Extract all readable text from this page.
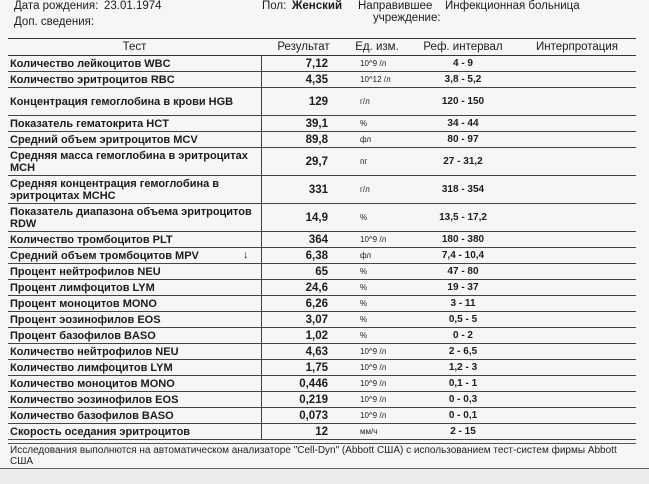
Дата рождения: 23.01.1974	Пол: Женский Направившее
учреждение:
Инфекционная больница
Доп. сведения:
Тест	Результат	Ед. изм.	Реф. интервал	Интерпротация
Количество лейкоцитов WBC	7,12	10^9 /л	4 - 9	
Количество эритроцитов RBC	4,35	10^12 /л	3,8 - 5,2	
Концентрация гемоглобина в крови HGB	129	г/л	120 - 150	
Показатель гематокрита HCT	39,1	%	34 - 44	
Средний объем эритроцитов MCV	89,8	фл	80 - 97	
Средняя масса гемоглобина в эритроцитах MCH	29,7	пг	27 - 31,2	
Средняя концентрация гемоглобина в эритроцитах MCHC	331	г/л	318 - 354	
Показатель диапазона объема эритроцитов RDW	14,9	%	13,5 - 17,2	
Количество тромбоцитов PLT	364	10^9 /л	180 - 380	
Средний объем тромбоцитов MPV ↓	6,38	фл	7,4 - 10,4	
Процент нейтрофилов NEU	65	%	47 - 80	
Процент лимфоцитов LYM	24,6	%	19 - 37	
Процент моноцитов MONO	6,26	%	3 - 11	
Процент эозинофилов EOS	3,07	%	0,5 - 5	
Процент базофилов BASO	1,02	%	0 - 2	
Количество нейтрофилов NEU	4,63	10^9 /л	2 - 6,5	
Количество лимфоцитов LYM	1,75	10^9 /л	1,2 - 3	
Количество моноцитов MONO	0,446	10^9 /л	0,1 - 1	
Количество эозинофилов EOS	0,219	10^9 /л	0 - 0,3	
Количество базофилов BASO	0,073	10^9 /л	0 - 0,1	
Скорость оседания эритроцитов	12	мм/ч	2 - 15	
Исследования выполнются на автоматическом анализаторе "Cell-Dyn" (Abbott США) с использованием тест-систем фирмы Abbott США
